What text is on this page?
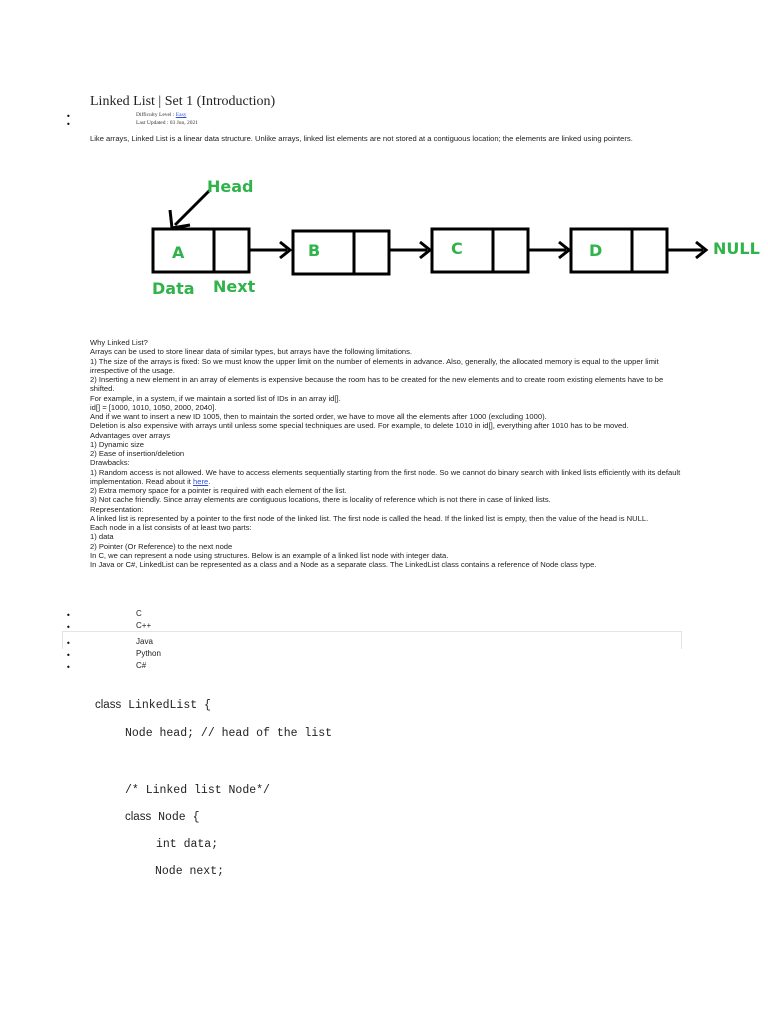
Linked List | Set 1 (Introduction)
•
•
Difficulty Level : Easy
Last Updated : 03 Jun, 2021
Like arrays, Linked List is a linear data structure. Unlike arrays, linked list elements are not stored at a contiguous location; the elements are linked using pointers.
Head
A	B	C	D	NULL
Data Next
Why Linked List?
Arrays can be used to store linear data of similar types, but arrays have the following limitations.
1) The size of the arrays is fixed: So we must know the upper limit on the number of elements in advance. Also, generally, the allocated memory is equal to the upper limit irrespective of the usage.
2) Inserting a new element in an array of elements is expensive because the room has to be created for the new elements and to create room existing elements have to be shifted.
For example, in a system, if we maintain a sorted list of IDs in an array id[].
id[] = [1000, 1010, 1050, 2000, 2040].
And if we want to insert a new ID 1005, then to maintain the sorted order, we have to move all the elements after 1000 (excluding 1000).
Deletion is also expensive with arrays until unless some special techniques are used. For example, to delete 1010 in id[], everything after 1010 has to be moved.
Advantages over arrays
1) Dynamic size
2) Ease of insertion/deletion
Drawbacks:
1) Random access is not allowed. We have to access elements sequentially starting from the first node. So we cannot do binary search with linked lists efficiently with its default implementation. Read about it here.
2) Extra memory space for a pointer is required with each element of the list.
3) Not cache friendly. Since array elements are contiguous locations, there is locality of reference which is not there in case of linked lists.
Representation:
A linked list is represented by a pointer to the first node of the linked list. The first node is called the head. If the linked list is empty, then the value of the head is NULL.
Each node in a list consists of at least two parts:
1) data
2) Pointer (Or Reference) to the next node
In C, we can represent a node using structures. Below is an example of a linked list node with integer data.
In Java or C#, LinkedList can be represented as a class and a Node as a separate class. The LinkedList class contains a reference of Node class type.
•	C
•	C++
•	Java
•	Python
•	C#
class LinkedList {
Node head; // head of the list
/* Linked list Node*/
class Node {
int data;
Node next;
